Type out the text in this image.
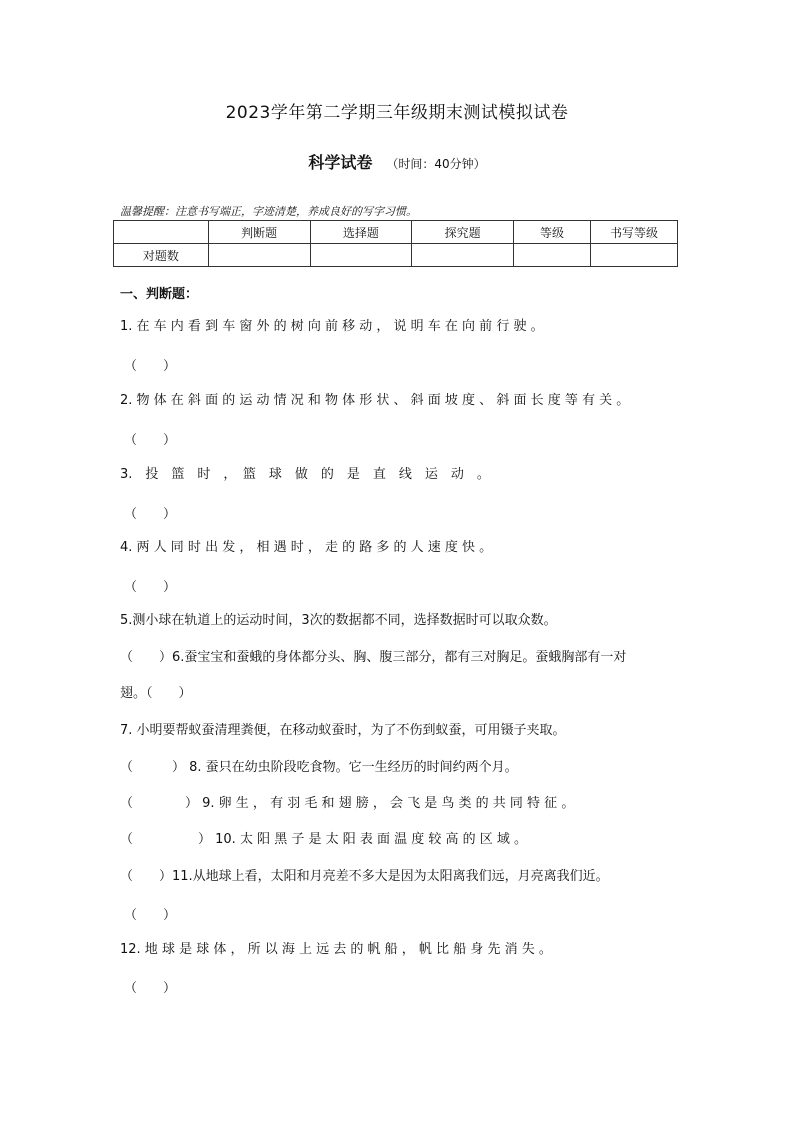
2023学年第二学期三年级期末测试模拟试卷
科学试卷 （时间：40分钟）
温馨提醒：注意书写端正，字迹清楚，养成良好的写字习惯。
	判断题	选择题	探究题	等级	书写等级
对题数					
一、判断题：
1. 在 车 内 看 到 车 窗 外 的 树 向 前 移 动 ， 说 明 车 在 向 前 行 驶 。
（　　）
2. 物 体 在 斜 面 的 运 动 情 况 和 物 体 形 状 、 斜 面 坡 度 、 斜 面 长 度 等 有 关 。
（　　）
3.　投　篮　时　，　篮　球　做　的　是　直　线　运　动　。
（　　）
4. 两 人 同 时 出 发 ， 相 遇 时 ， 走 的 路 多 的 人 速 度 快 。
（　　）
5.测小球在轨道上的运动时间，3次的数据都不同，选择数据时可以取众数。
（　　）6.蚕宝宝和蚕蛾的身体都分头、胸、腹三部分，都有三对胸足。蚕蛾胸部有一对
翅。（　　）
7. 小明要帮蚁蚕清理粪便，在移动蚁蚕时，为了不伤到蚁蚕，可用镊子夹取。
（　　　） 8. 蚕只在幼虫阶段吃食物。它一生经历的时间约两个月。
（　　　　） 9. 卵 生 ， 有 羽 毛 和 翅 膀 ， 会 飞 是 鸟 类 的 共 同 特 征 。
（　　　　　） 10. 太 阳 黑 子 是 太 阳 表 面 温 度 较 高 的 区 域 。
（　　）11.从地球上看，太阳和月亮差不多大是因为太阳离我们远，月亮离我们近。
（　　）
12. 地 球 是 球 体 ， 所 以 海 上 远 去 的 帆 船 ， 帆 比 船 身 先 消 失 。
（　　）
